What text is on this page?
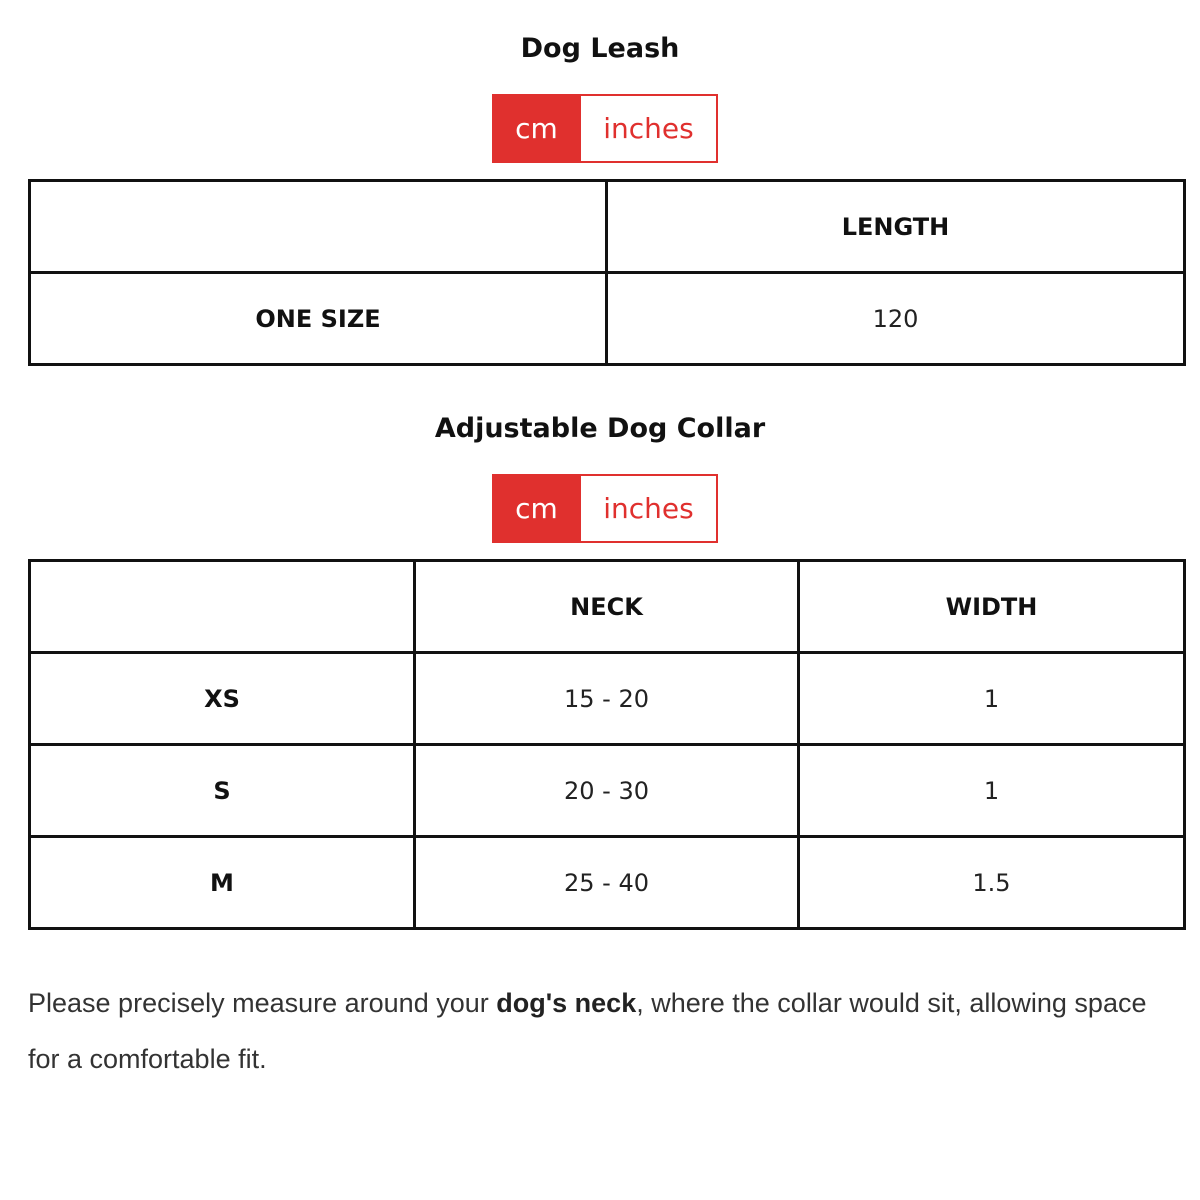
Dog Leash
cm	inches
	LENGTH
ONE SIZE	120
Adjustable Dog Collar
cm	inches
	NECK	WIDTH
XS	15 - 20	1
S	20 - 30	1
M	25 - 40	1.5

Please precisely measure around your dog's neck, where the collar would sit, allowing space for a comfortable fit.
